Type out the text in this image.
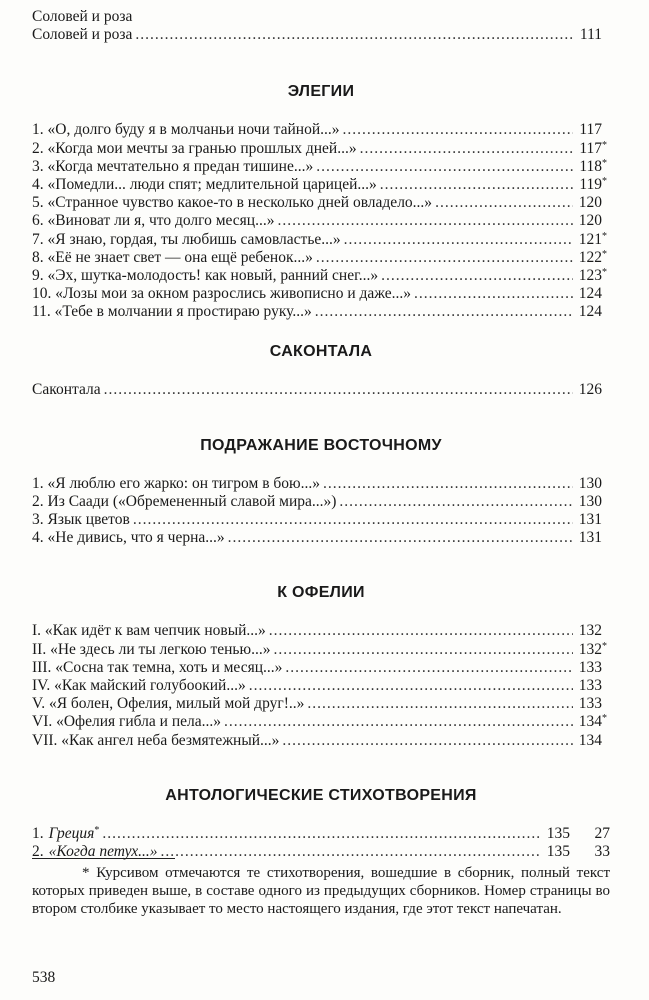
Соловей и роза
Соловей и роза .....	111
ЭЛЕГИИ
1. «О, долго буду я в молчаньи ночи тайной...» .....	117
2. «Когда мои мечты за гранью прошлых дней...» .....	117 *
3. «Когда мечтательно я предан тишине...» .....	118 *
4. «Помедли... люди спят; медлительной царицей...» .....	119 *
5. «Странное чувство какое-то в несколько дней овладело...» .....	120
6. «Виноват ли я, что долго месяц...» .....	120
7. «Я знаю, гордая, ты любишь самовластье...» .....	121 *
8. «Её не знает свет — она ещё ребенок...» .....	122 *
9. «Эх, шутка-молодость! как новый, ранний снег...» .....	123 *
10. «Лозы мои за окном разрослись живописно и даже...» .....	124
11. «Тебе в молчании я простираю руку...» .....	124
САКОНТАЛА
Саконтала .....	126
ПОДРАЖАНИЕ ВОСТОЧНОМУ
1. «Я люблю его жарко: он тигром в бою...» .....	130
2. Из Саади («Обремененный славой мира...») .....	130
3. Язык цветов .....	131
4. «Не дивись, что я черна...» .....	131
К ОФЕЛИИ
I. «Как идёт к вам чепчик новый...» .....	132
II. «Не здесь ли ты легкою тенью...» .....	132 *
III. «Сосна так темна, хоть и месяц...» .....	133
IV. «Как майский голубоокий...» .....	133
V. «Я болен, Офелия, милый мой друг!..» .....	133
VI. «Офелия гибла и пела...» .....	134 *
VII. «Как ангел неба безмятежный...» .....	134
АНТОЛОГИЧЕСКИЕ СТИХОТВОРЕНИЯ
1. Греция * .....	135	27
2. «Когда петух...» .....	135	33
* Курсивом отмечаются те стихотворения, вошедшие в сборник, полный текст которых приведен выше, в составе одного из предыдущих сборников. Номер страницы во втором столбике указывает то место настоящего издания, где этот текст напечатан.
538
